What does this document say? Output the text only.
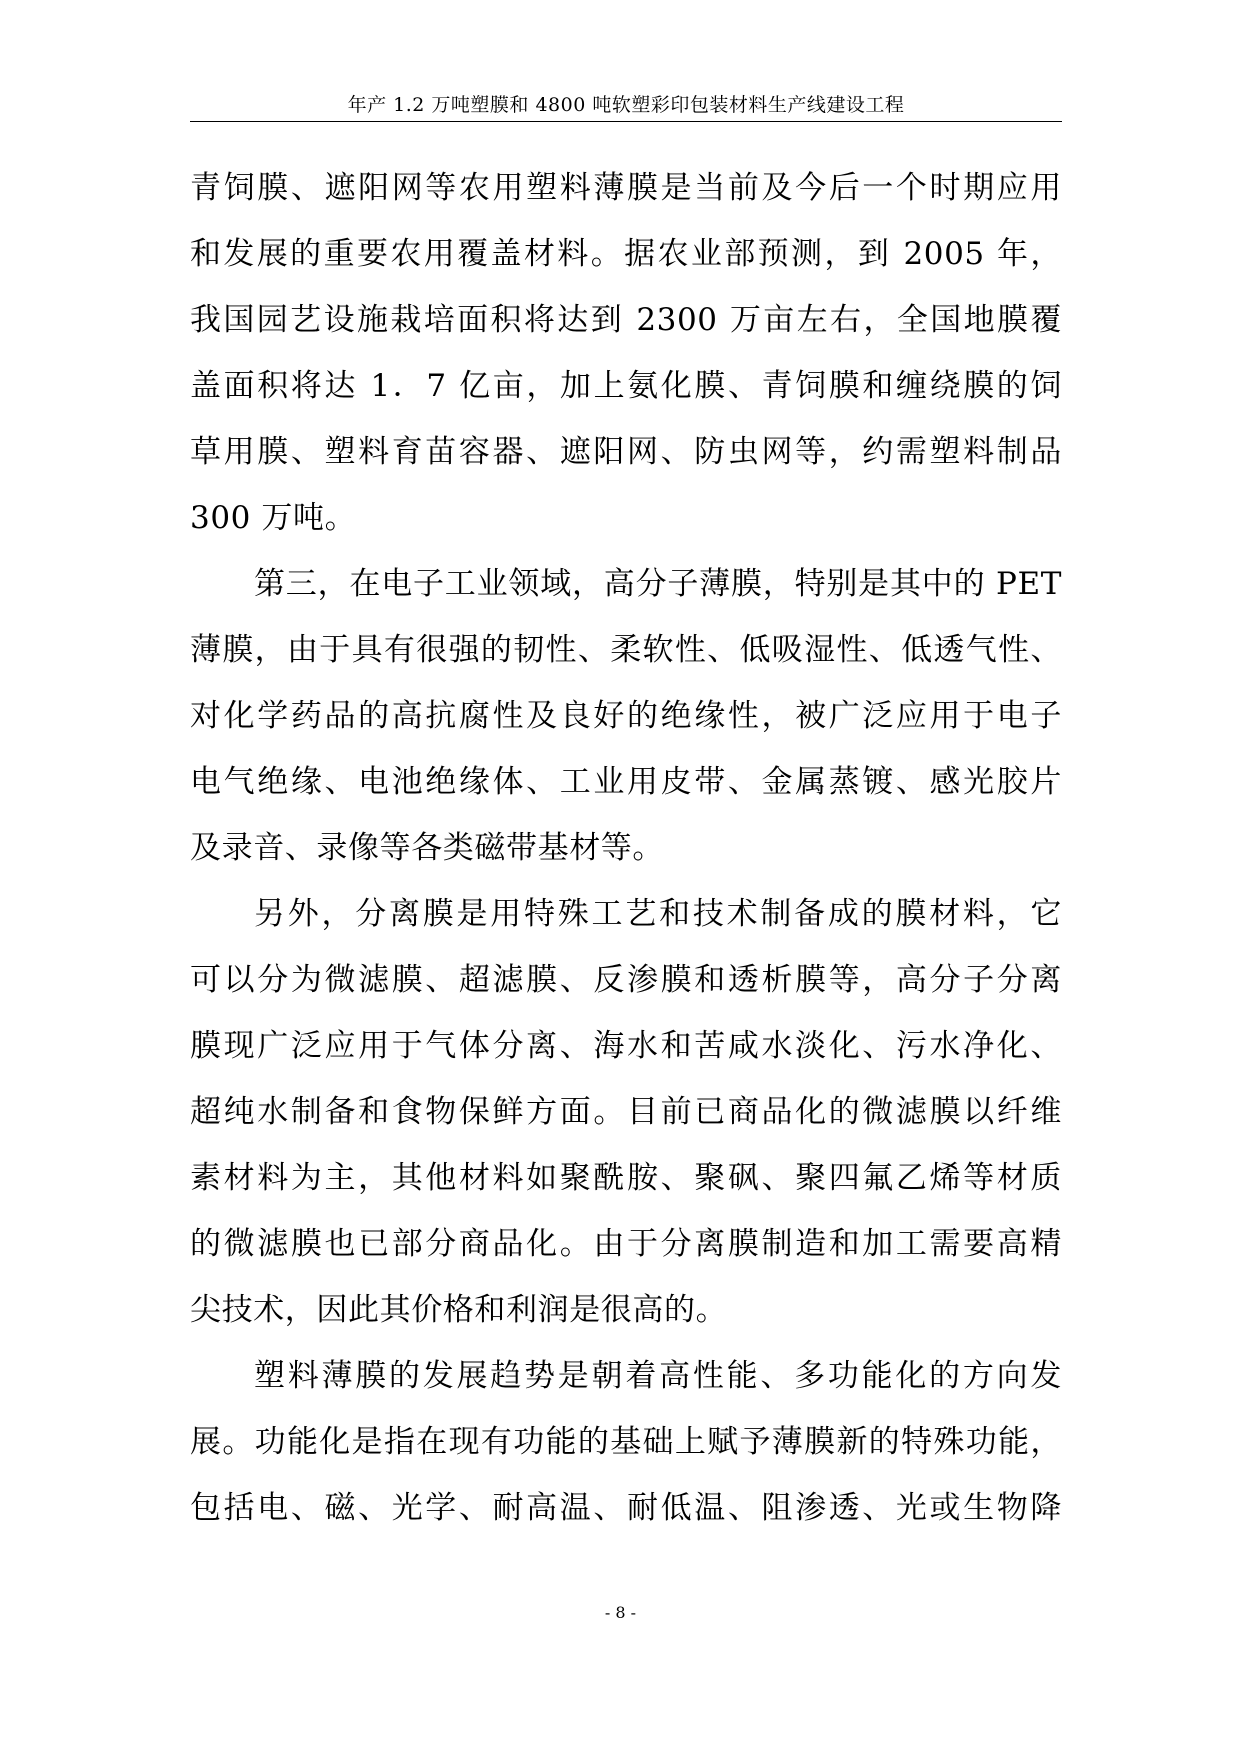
年产 1.2 万吨塑膜和 4800 吨软塑彩印包装材料生产线建设工程
青饲膜、遮阳网等农用塑料薄膜是当前及今后一个时期应用
和发展的重要农用覆盖材料。据农业部预测，到 2005 年，
我国园艺设施栽培面积将达到 2300 万亩左右，全国地膜覆
盖面积将达 1．7 亿亩，加上氨化膜、青饲膜和缠绕膜的饲
草用膜、塑料育苗容器、遮阳网、防虫网等，约需塑料制品
300 万吨。
第三，在电子工业领域，高分子薄膜，特别是其中的 PET
薄膜，由于具有很强的韧性、柔软性、低吸湿性、低透气性、
对化学药品的高抗腐性及良好的绝缘性，被广泛应用于电子
电气绝缘、电池绝缘体、工业用皮带、金属蒸镀、感光胶片
及录音、录像等各类磁带基材等。
另外，分离膜是用特殊工艺和技术制备成的膜材料，它
可以分为微滤膜、超滤膜、反渗膜和透析膜等，高分子分离
膜现广泛应用于气体分离、海水和苦咸水淡化、污水净化、
超纯水制备和食物保鲜方面。目前已商品化的微滤膜以纤维
素材料为主，其他材料如聚酰胺、聚砜、聚四氟乙烯等材质
的微滤膜也已部分商品化。由于分离膜制造和加工需要高精
尖技术，因此其价格和利润是很高的。
塑料薄膜的发展趋势是朝着高性能、多功能化的方向发
展。功能化是指在现有功能的基础上赋予薄膜新的特殊功能，
包括电、磁、光学、耐高温、耐低温、阻渗透、光或生物降
- 8 -
